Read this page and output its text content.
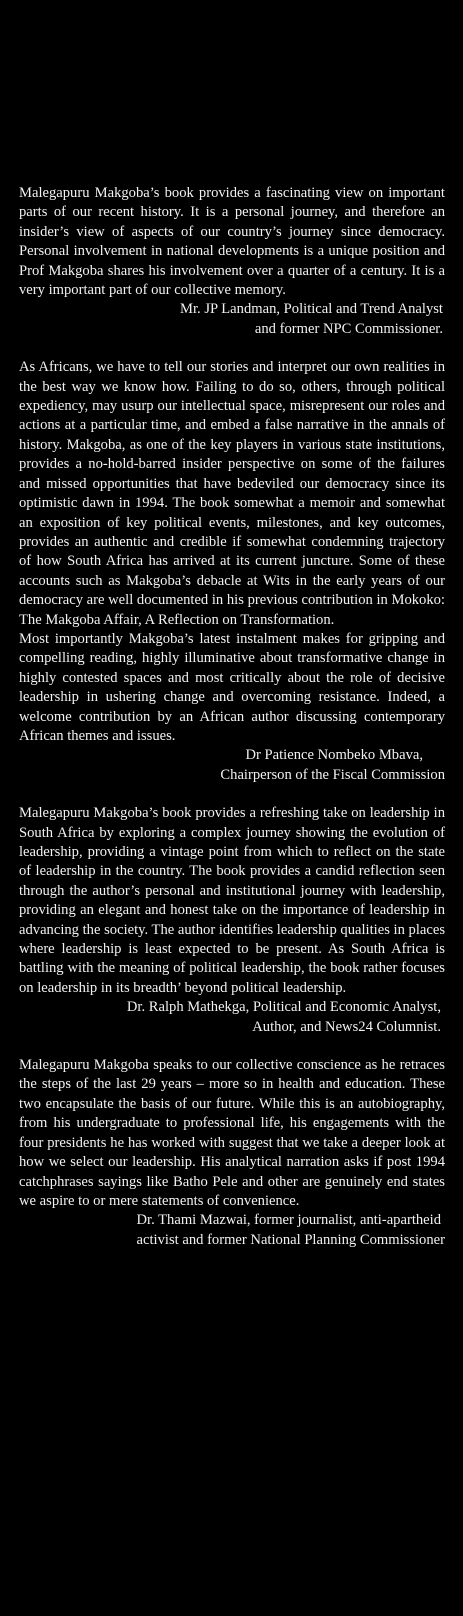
Malegapuru Makgoba’s book provides a fascinating view on important parts of our recent history. It is a personal journey, and therefore an insider’s view of aspects of our country’s journey since democracy. Personal involvement in national developments is a unique position and Prof Makgoba shares his involvement over a quarter of a century. It is a very important part of our collective memory.

Mr. JP Landman, Political and Trend Analyst

and former NPC Commissioner.

As Africans, we have to tell our stories and interpret our own realities in the best way we know how. Failing to do so, others, through political expediency, may usurp our intellectual space, misrepresent our roles and actions at a particular time, and embed a false narrative in the annals of history. Makgoba, as one of the key players in various state institutions, provides a no-hold-barred insider perspective on some of the failures and missed opportunities that have bedeviled our democracy since its optimistic dawn in 1994. The book somewhat a memoir and somewhat an exposition of key political events, milestones, and key outcomes, provides an authentic and credible if somewhat condemning trajectory of how South Africa has arrived at its current juncture. Some of these accounts such as Makgoba’s debacle at Wits in the early years of our democracy are well documented in his previous contribution in Mokoko: The Makgoba Affair, A Reflection on Transformation.

Most importantly Makgoba’s latest instalment makes for gripping and compelling reading, highly illuminative about transformative change in highly contested spaces and most critically about the role of decisive leadership in ushering change and overcoming resistance. Indeed, a welcome contribution by an African author discussing contemporary African themes and issues.

Dr Patience Nombeko Mbava,

Chairperson of the Fiscal Commission

Malegapuru Makgoba’s book provides a refreshing take on leadership in South Africa by exploring a complex journey showing the evolution of leadership, providing a vintage point from which to reflect on the state of leadership in the country. The book provides a candid reflection seen through the author’s personal and institutional journey with leadership, providing an elegant and honest take on the importance of leadership in advancing the society. The author identifies leadership qualities in places where leadership is least expected to be present. As South Africa is battling with the meaning of political leadership, the book rather focuses on leadership in its breadth’ beyond political leadership.

Dr. Ralph Mathekga, Political and Economic Analyst,

Author, and News24 Columnist.

Malegapuru Makgoba speaks to our collective conscience as he retraces the steps of the last 29 years – more so in health and education. These two encapsulate the basis of our future. While this is an autobiography, from his undergraduate to professional life, his engagements with the four presidents he has worked with suggest that we take a deeper look at how we select our leadership. His analytical narration asks if post 1994 catchphrases sayings like Batho Pele and other are genuinely end states we aspire to or mere statements of convenience.

Dr. Thami Mazwai, former journalist, anti-apartheid

activist and former National Planning Commissioner
